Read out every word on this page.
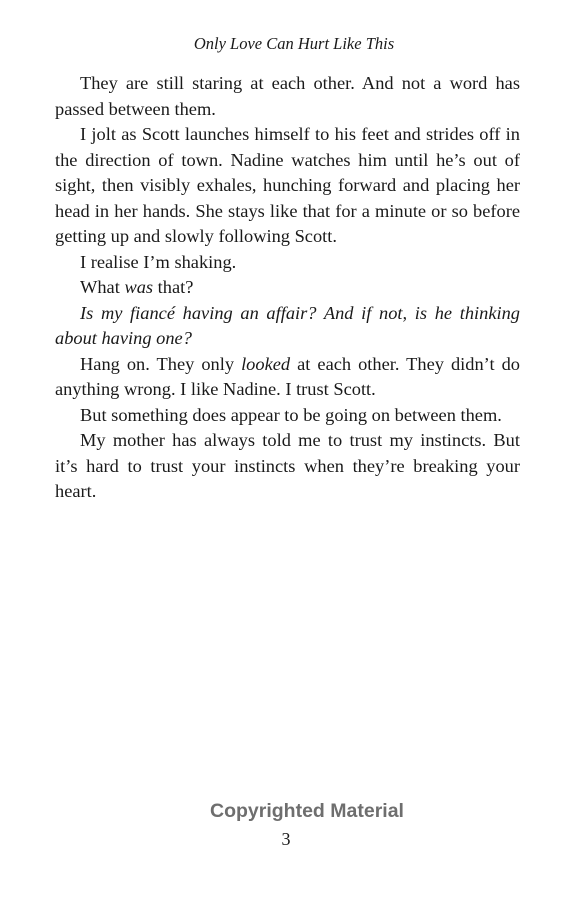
Only Love Can Hurt Like This

They are still staring at each other. And not a word has passed between them.

I jolt as Scott launches himself to his feet and strides off in the direction of town. Nadine watches him until he’s out of sight, then visibly exhales, hunching forward and placing her head in her hands. She stays like that for a minute or so before getting up and slowly following Scott.

I realise I’m shaking.

What was that?

Is my fiancé having an affair? And if not, is he thinking about having one?

Hang on. They only looked at each other. They didn’t do anything wrong. I like Nadine. I trust Scott.

But something does appear to be going on between them.

My mother has always told me to trust my instincts. But it’s hard to trust your instincts when they’re breaking your heart.

Copyrighted Material
3
